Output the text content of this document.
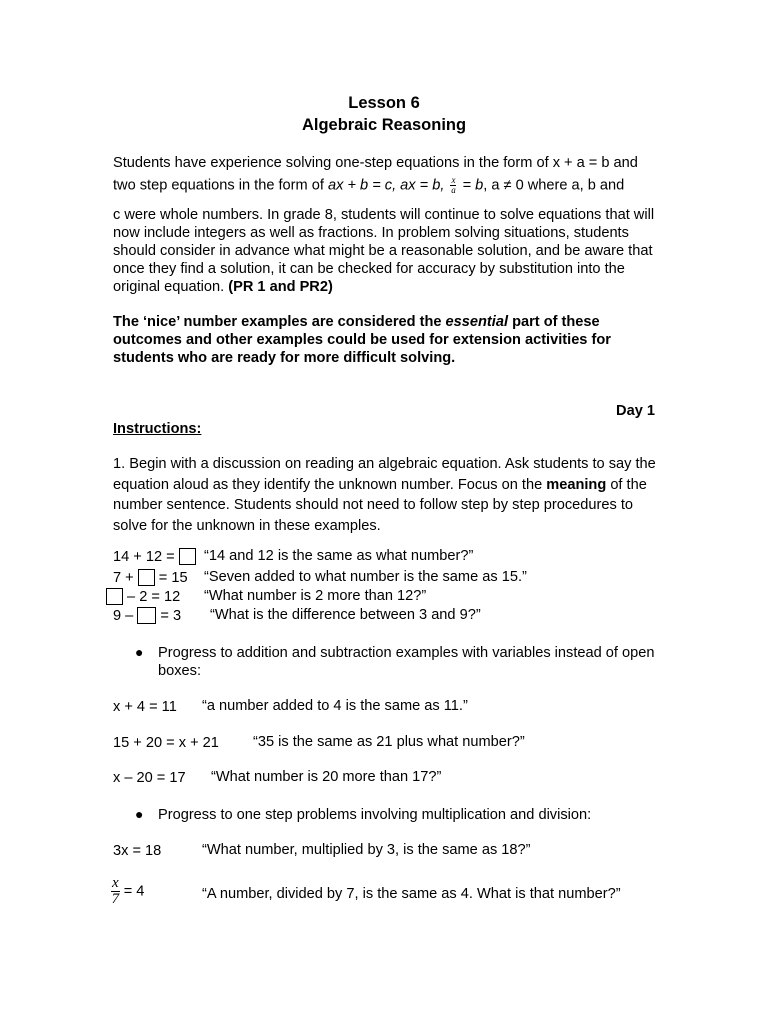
Lesson 6
Algebraic Reasoning
Students have experience solving one-step equations in the form of x + a = b and
two step equations in the form of ax + b = c, ax = b, $\frac{x}{a} = b$, a ≠ 0 where a, b and
c were whole numbers. In grade 8, students will continue to solve equations that will now include integers as well as fractions. In problem solving situations, students should consider in advance what might be a reasonable solution, and be aware that once they find a solution, it can be checked for accuracy by substitution into the original equation. (PR 1 and PR2)
The ‘nice’ number examples are considered the essential part of these outcomes and other examples could be used for extension activities for students who are ready for more difficult solving.
Day 1
Instructions:
1. Begin with a discussion on reading an algebraic equation. Ask students to say the equation aloud as they identify the unknown number. Focus on the meaning of the number sentence. Students should not need to follow step by step procedures to solve for the unknown in these examples.
14 + 12 =	“14 and 12 is the same as what number?”
7 +  = 15 “Seven added to what number is the same as 15.”
– 2 = 12 “What number is 2 more than 12?”
9 –  = 3 “What is the difference between 3 and 9?”
● Progress to addition and subtraction examples with variables instead of open boxes:
x + 4 = 11 “a number added to 4 is the same as 11.”
15 + 20 = x + 21 “35 is the same as 21 plus what number?”
x – 20 = 17 “What number is 20 more than 17?”
● Progress to one step problems involving multiplication and division:
3x = 18	“What number, multiplied by 3, is the same as 18?”
$\frac{x}{7} = 4$	“A number, divided by 7, is the same as 4. What is that number?”
